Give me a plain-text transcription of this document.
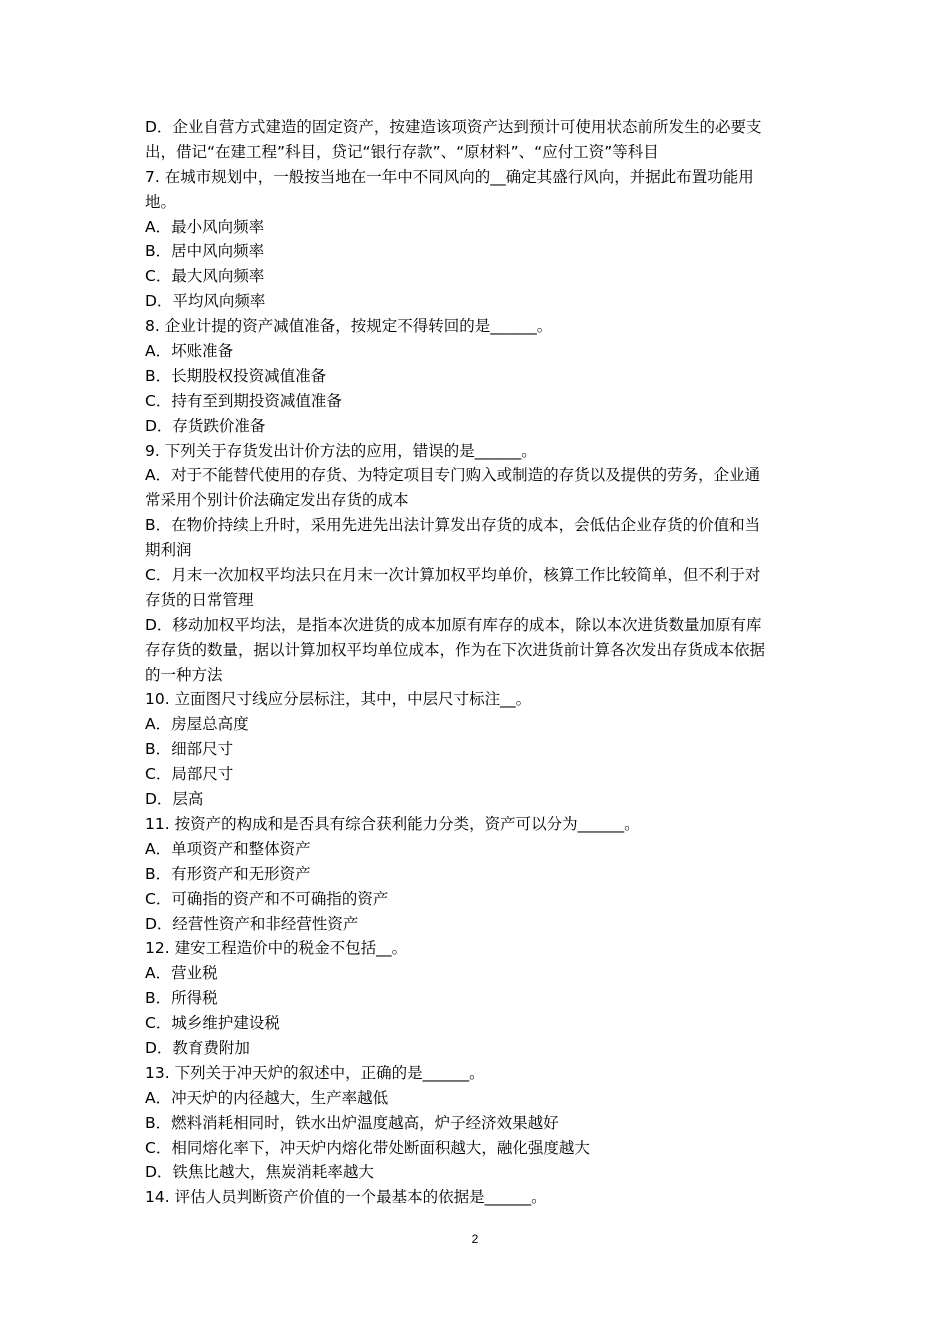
D．企业自营方式建造的固定资产，按建造该项资产达到预计可使用状态前所发生的必要支
出，借记“在建工程”科目，贷记“银行存款”、“原材料”、“应付工资”等科目
7. 在城市规划中，一般按当地在一年中不同风向的__确定其盛行风向，并据此布置功能用
地。
A．最小风向频率
B．居中风向频率
C．最大风向频率
D．平均风向频率
8. 企业计提的资产减值准备，按规定不得转回的是______。
A．坏账准备
B．长期股权投资减值准备
C．持有至到期投资减值准备
D．存货跌价准备
9. 下列关于存货发出计价方法的应用，错误的是______。
A．对于不能替代使用的存货、为特定项目专门购入或制造的存货以及提供的劳务，企业通
常采用个别计价法确定发出存货的成本
B．在物价持续上升时，采用先进先出法计算发出存货的成本，会低估企业存货的价值和当
期利润
C．月末一次加权平均法只在月末一次计算加权平均单价，核算工作比较简单，但不利于对
存货的日常管理
D．移动加权平均法，是指本次进货的成本加原有库存的成本，除以本次进货数量加原有库
存存货的数量，据以计算加权平均单位成本，作为在下次进货前计算各次发出存货成本依据
的一种方法
10. 立面图尺寸线应分层标注，其中，中层尺寸标注__。
A．房屋总高度
B．细部尺寸
C．局部尺寸
D．层高
11. 按资产的构成和是否具有综合获利能力分类，资产可以分为______。
A．单项资产和整体资产
B．有形资产和无形资产
C．可确指的资产和不可确指的资产
D．经营性资产和非经营性资产
12. 建安工程造价中的税金不包括__。
A．营业税
B．所得税
C．城乡维护建设税
D．教育费附加
13. 下列关于冲天炉的叙述中，正确的是______。
A．冲天炉的内径越大，生产率越低
B．燃料消耗相同时，铁水出炉温度越高，炉子经济效果越好
C．相同熔化率下，冲天炉内熔化带处断面积越大，融化强度越大
D．铁焦比越大，焦炭消耗率越大
14. 评估人员判断资产价值的一个最基本的依据是______。
2
